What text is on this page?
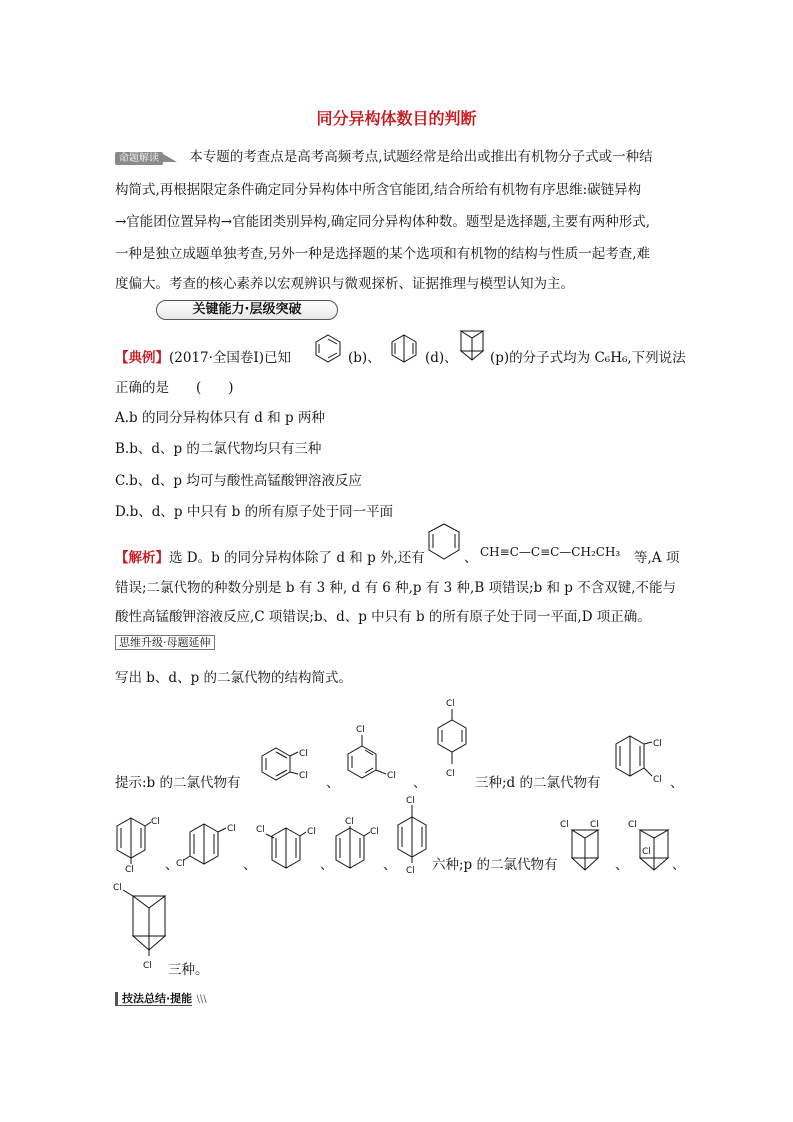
同分异构体数目的判断
命题解读 本专题的考查点是高考高频考点,试题经常是给出或推出有机物分子式或一种结
构简式,再根据限定条件确定同分异构体中所含官能团,结合所给有机物有序思维:碳链异构
→官能团位置异构→官能团类别异构,确定同分异构体种数。题型是选择题,主要有两种形式,
一种是独立成题单独考查,另外一种是选择题的某个选项和有机物的结构与性质一起考查,难
度偏大。考查的核心素养以宏观辨识与微观探析、证据推理与模型认知为主。
关键能力·层级突破
【典例】(2017·全国卷Ⅰ)已知	(b)、	(d)、 (p)的分子式均为 C₆H₆,下列说法
正确的是　　(　　)
A.b 的同分异构体只有 d 和 p 两种
B.b、d、p 的二氯代物均只有三种
C.b、d、p 均可与酸性高锰酸钾溶液反应
D.b、d、p 中只有 b 的所有原子处于同一平面
【解析】选 D。b 的同分异构体除了 d 和 p 外,还有	、 CH≡C—C≡C—CH₂CH₃ 等,A 项
错误;二氯代物的种数分别是 b 有 3 种, d 有 6 种,p 有 3 种,B 项错误;b 和 p 不含双键,不能与
酸性高锰酸钾溶液反应,C 项错误;b、d、p 中只有 b 的所有原子处于同一平面,D 项正确。
思维升级·母题延伸
写出 b、d、p 的二氯代物的结构简式。
提示:b 的二氯代物有
Cl
Cl 、
Cl
Cl 、
Cl
Cl
三种;d 的二氯代物有
Cl
Cl 、
Cl
Cl 、
Cl
Cl	、
Cl	Cl
、
Cl
Cl
、
Cl
Cl 六种;p 的二氯代物有
Cl Cl
、
Cl
Cl
、
Cl
Cl 三种。
技法总结·提能 \\\
